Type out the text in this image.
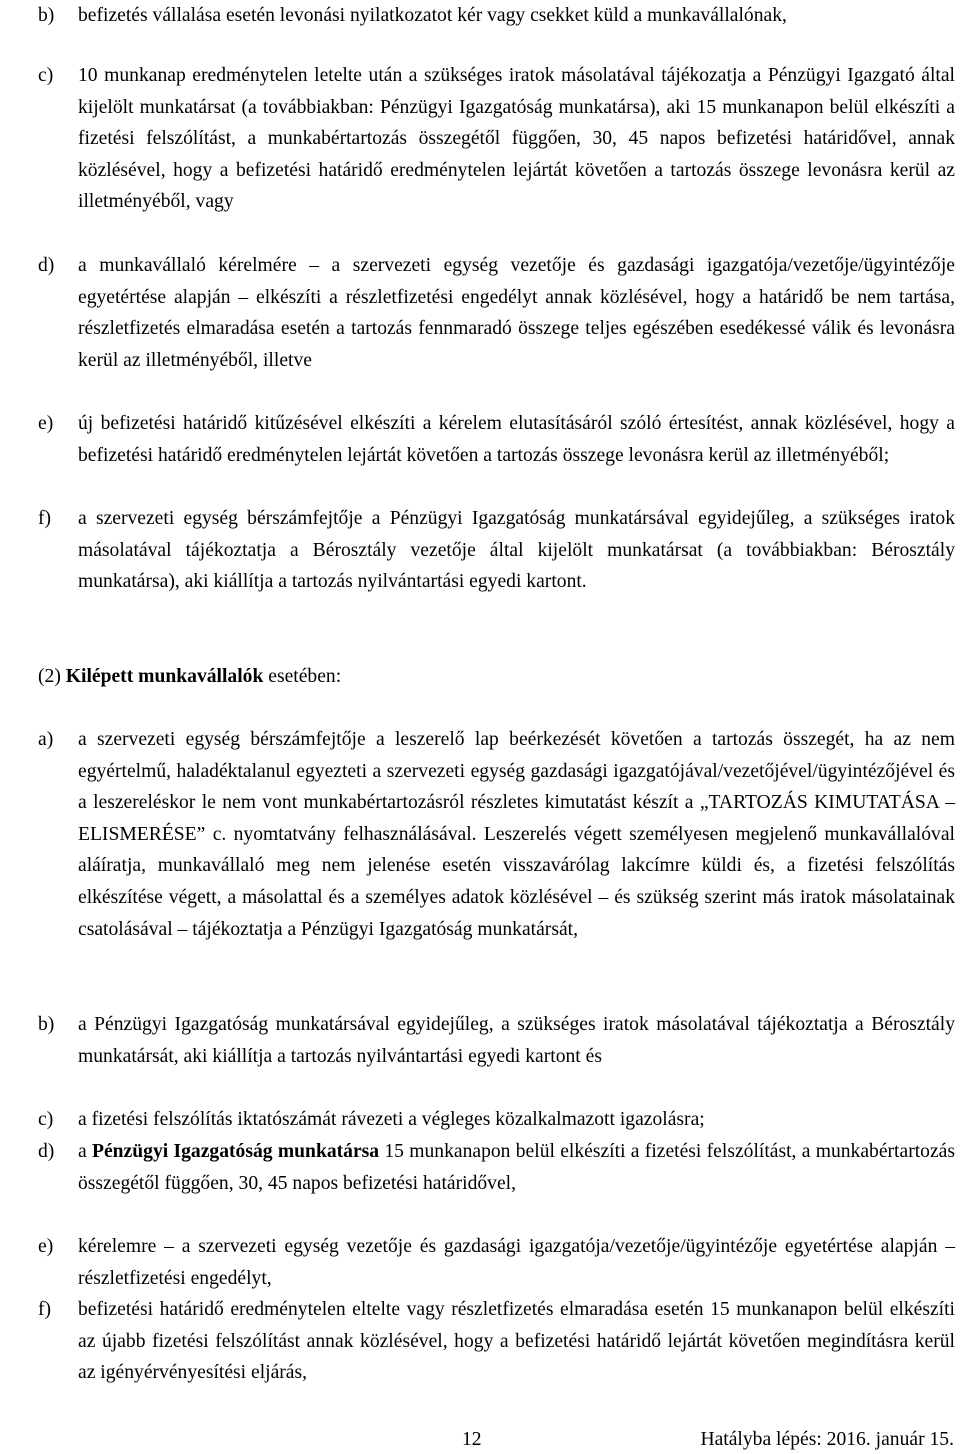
b)	befizetés vállalása esetén levonási nyilatkozatot kér vagy csekket küld a munkavállalónak,
c)	10 munkanap eredménytelen letelte után a szükséges iratok másolatával tájékozatja a Pénzügyi Igazgató által kijelölt munkatársat (a továbbiakban: Pénzügyi Igazgatóság munkatársa), aki 15 munkanapon belül elkészíti a fizetési felszólítást, a munkabértartozás összegétől függően, 30, 45 napos befizetési határidővel, annak közlésével, hogy a befizetési határidő eredménytelen lejártát követően a tartozás összege levonásra kerül az illetményéből, vagy
d)	a munkavállaló kérelmére – a szervezeti egység vezetője és gazdasági igazgatója/vezetője/ügyintézője egyetértése alapján – elkészíti a részletfizetési engedélyt annak közlésével, hogy a határidő be nem tartása, részletfizetés elmaradása esetén a tartozás fennmaradó összege teljes egészében esedékessé válik és levonásra kerül az illetményéből, illetve
e)	új befizetési határidő kitűzésével elkészíti a kérelem elutasításáról szóló értesítést, annak közlésével, hogy a befizetési határidő eredménytelen lejártát követően a tartozás összege levonásra kerül az illetményéből;
f)	a szervezeti egység bérszámfejtője a Pénzügyi Igazgatóság munkatársával egyidejűleg, a szükséges iratok másolatával tájékoztatja a Bérosztály vezetője által kijelölt munkatársat (a továbbiakban: Bérosztály munkatársa), aki kiállítja a tartozás nyilvántartási egyedi kartont.
(2) Kilépett munkavállalók esetében:
a)	a szervezeti egység bérszámfejtője a leszerelő lap beérkezését követően a tartozás összegét, ha az nem egyértelmű, haladéktalanul egyezteti a szervezeti egység gazdasági igazgatójával/vezetőjével/ügyintézőjével és a leszereléskor le nem vont munkabértartozásról részletes kimutatást készít a „TARTOZÁS KIMUTATÁSA – ELISMERÉSE” c. nyomtatvány felhasználásával. Leszerelés végett személyesen megjelenő munkavállalóval aláíratja, munkavállaló meg nem jelenése esetén visszavárólag lakcímre küldi és, a fizetési felszólítás elkészítése végett, a másolattal és a személyes adatok közlésével – és szükség szerint más iratok másolatainak csatolásával – tájékoztatja a Pénzügyi Igazgatóság munkatársát,
b)	a Pénzügyi Igazgatóság munkatársával egyidejűleg, a szükséges iratok másolatával tájékoztatja a Bérosztály munkatársát, aki kiállítja a tartozás nyilvántartási egyedi kartont és
c)	a fizetési felszólítás iktatószámát rávezeti a végleges közalkalmazott igazolásra;
d)	a Pénzügyi Igazgatóság munkatársa 15 munkanapon belül elkészíti a fizetési felszólítást, a munkabértartozás összegétől függően, 30, 45 napos befizetési határidővel,
e)	kérelemre – a szervezeti egység vezetője és gazdasági igazgatója/vezetője/ügyintézője egyetértése alapján – részletfizetési engedélyt,
f)	befizetési határidő eredménytelen eltelte vagy részletfizetés elmaradása esetén 15 munkanapon belül elkészíti az újabb fizetési felszólítást annak közlésével, hogy a befizetési határidő lejártát követően megindításra kerül az igényérvényesítési eljárás,
12	Hatályba lépés: 2016. január 15.
